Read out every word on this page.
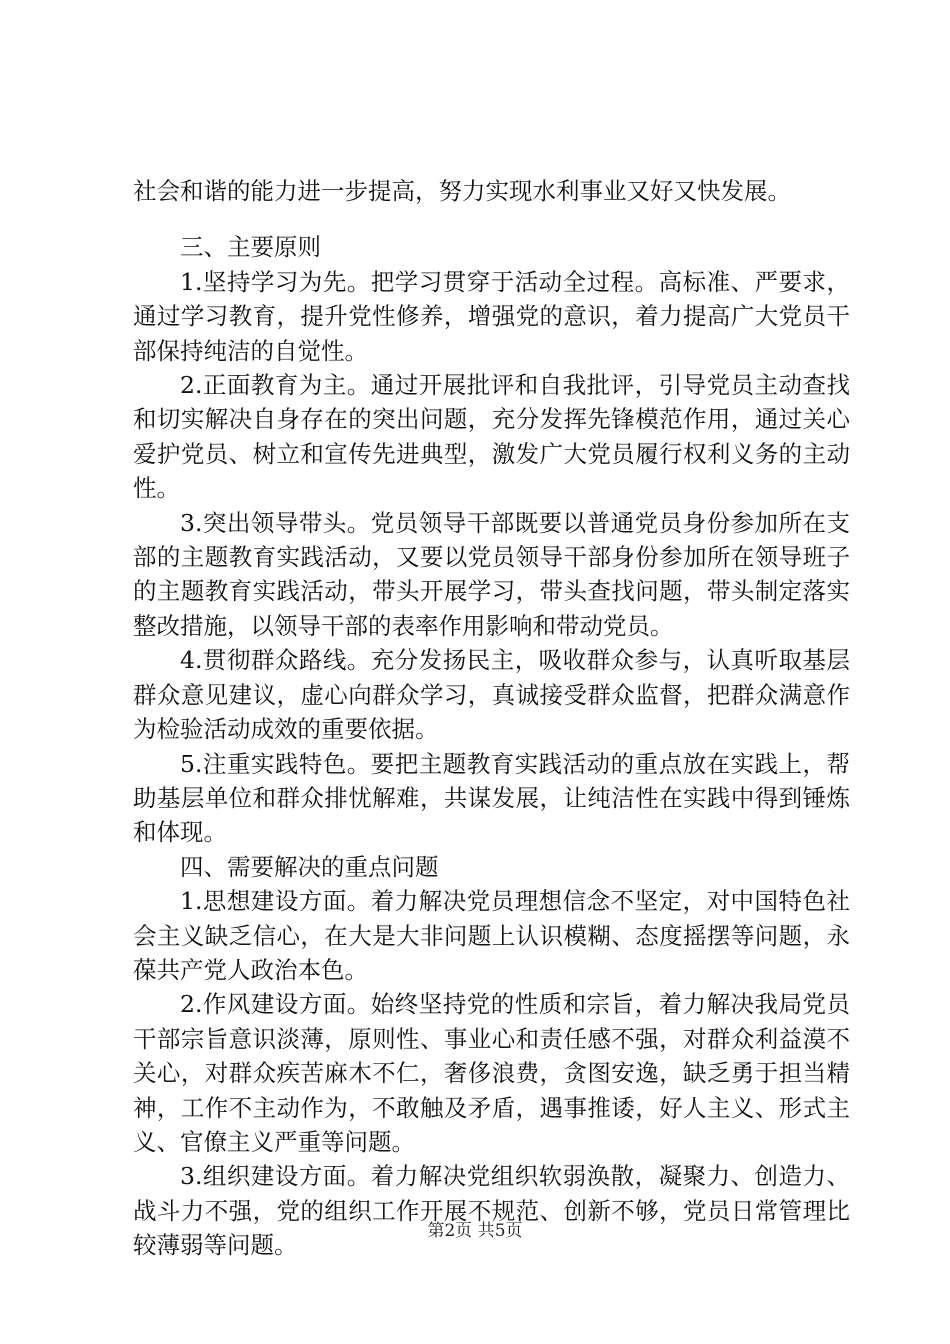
社会和谐的能力进一步提高，努力实现水利事业又好又快发展。

三、主要原则

1.坚持学习为先。把学习贯穿于活动全过程。高标准、严要求，通过学习教育，提升党性修养，增强党的意识，着力提高广大党员干部保持纯洁的自觉性。

2.正面教育为主。通过开展批评和自我批评，引导党员主动查找和切实解决自身存在的突出问题，充分发挥先锋模范作用，通过关心爱护党员、树立和宣传先进典型，激发广大党员履行权利义务的主动性。

3.突出领导带头。党员领导干部既要以普通党员身份参加所在支部的主题教育实践活动，又要以党员领导干部身份参加所在领导班子的主题教育实践活动，带头开展学习，带头查找问题，带头制定落实整改措施，以领导干部的表率作用影响和带动党员。

4.贯彻群众路线。充分发扬民主，吸收群众参与，认真听取基层群众意见建议，虚心向群众学习，真诚接受群众监督，把群众满意作为检验活动成效的重要依据。

5.注重实践特色。要把主题教育实践活动的重点放在实践上，帮助基层单位和群众排忧解难，共谋发展，让纯洁性在实践中得到锤炼和体现。

四、需要解决的重点问题

1.思想建设方面。着力解决党员理想信念不坚定，对中国特色社会主义缺乏信心，在大是大非问题上认识模糊、态度摇摆等问题，永葆共产党人政治本色。

2.作风建设方面。始终坚持党的性质和宗旨，着力解决我局党员干部宗旨意识淡薄，原则性、事业心和责任感不强，对群众利益漠不关心，对群众疾苦麻木不仁，奢侈浪费，贪图安逸，缺乏勇于担当精神，工作不主动作为，不敢触及矛盾，遇事推诿，好人主义、形式主义、官僚主义严重等问题。

3.组织建设方面。着力解决党组织软弱涣散，凝聚力、创造力、战斗力不强，党的组织工作开展不规范、创新不够，党员日常管理比较薄弱等问题。

第2页 共5页
